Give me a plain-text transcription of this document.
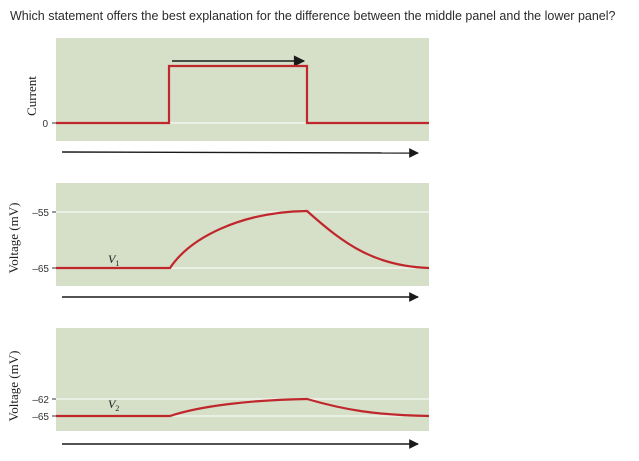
Which statement offers the best explanation for the difference between the middle panel and the lower panel?
Current
0
Voltage (mV) –55
–65
$V_1$
Voltage (mV) –62
–65
$V_2$
